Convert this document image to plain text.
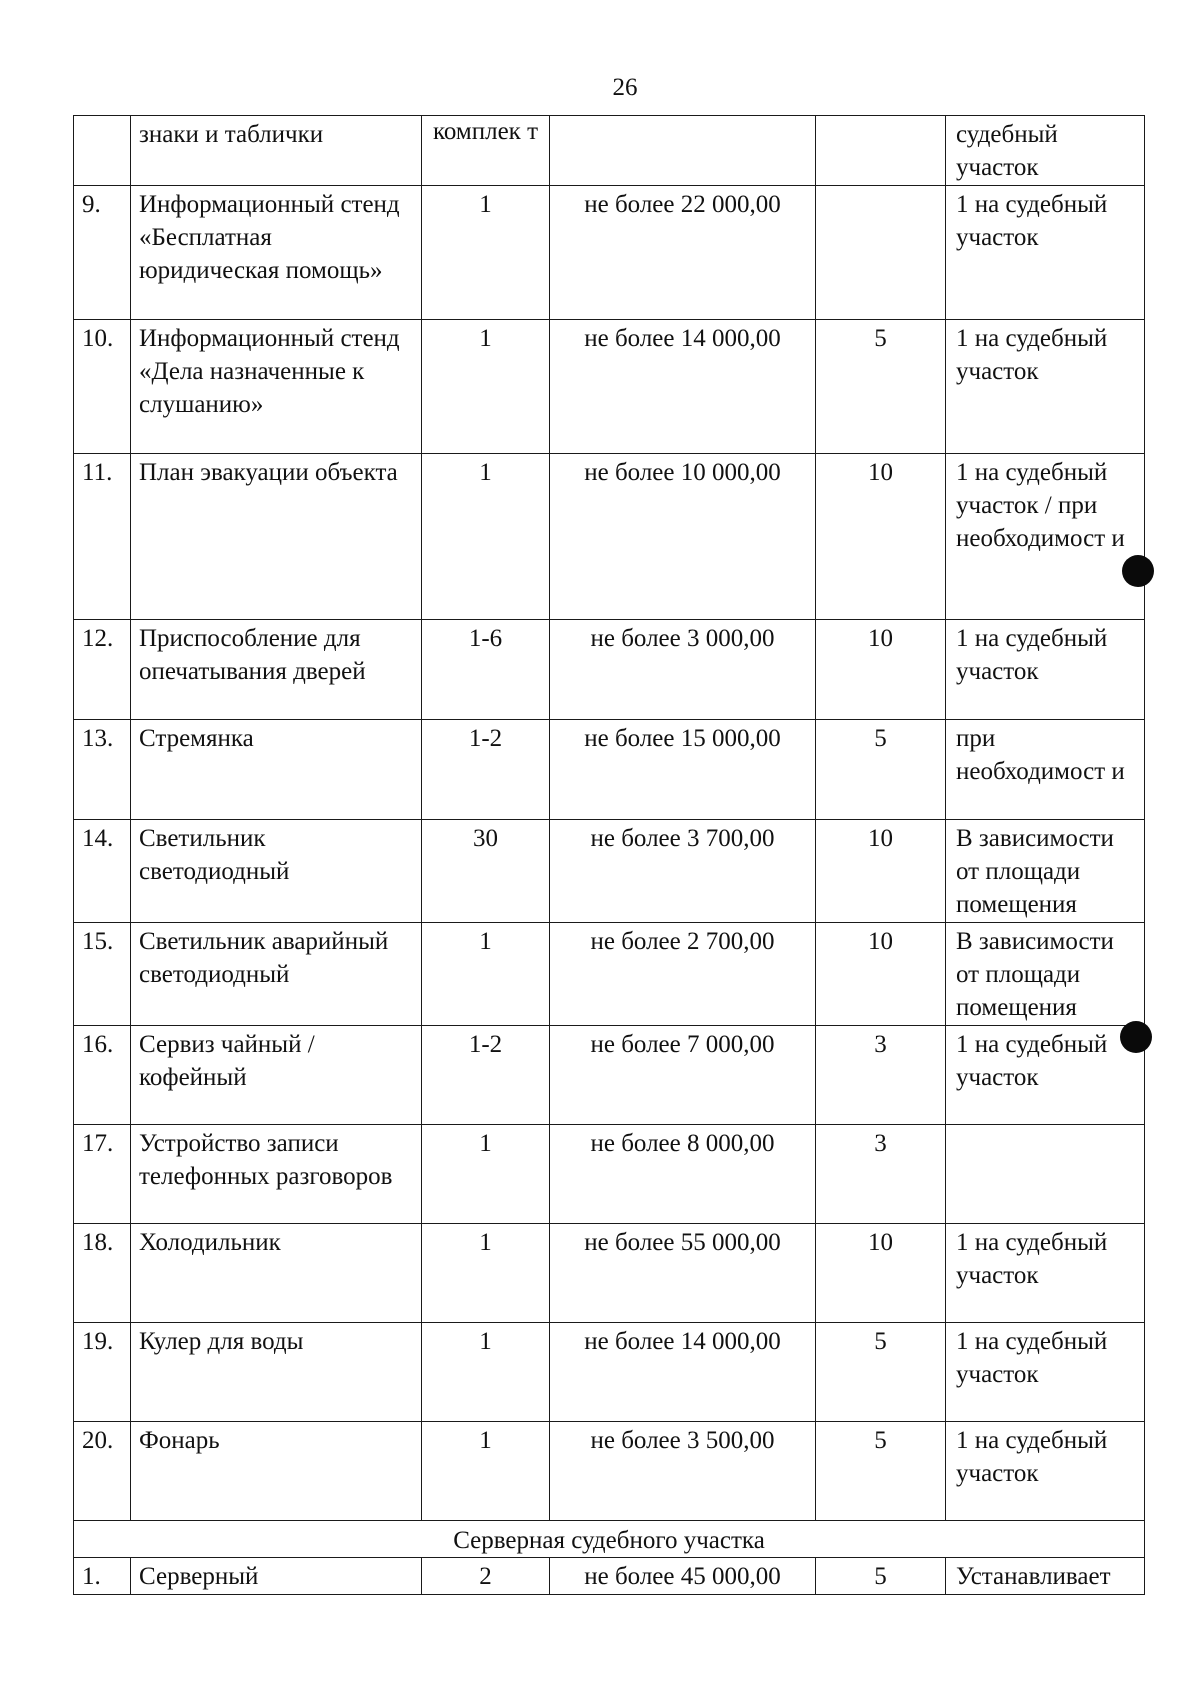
26
	знаки и таблички	комплек т			судебный участок
9.	Информационный стенд «Бесплатная юридическая помощь»	1	не более 22 000,00		1 на судебный участок
10.	Информационный стенд «Дела назначенные к слушанию»	1	не более 14 000,00	5	1 на судебный участок
11.	План эвакуации объекта	1	не более 10 000,00	10	1 на судебный участок / при необходимост и
12.	Приспособление для опечатывания дверей	1-6	не более 3 000,00	10	1 на судебный участок
13.	Стремянка	1-2	не более 15 000,00	5	при необходимост и
14.	Светильник светодиодный	30	не более 3 700,00	10	В зависимости от площади помещения
15.	Светильник аварийный светодиодный	1	не более 2 700,00	10	В зависимости от площади помещения
16.	Сервиз чайный / кофейный	1-2	не более 7 000,00	3	1 на судебный участок
17.	Устройство записи телефонных разговоров	1	не более 8 000,00	3	
18.	Холодильник	1	не более 55 000,00	10	1 на судебный участок
19.	Кулер для воды	1	не более 14 000,00	5	1 на судебный участок
20.	Фонарь	1	не более 3 500,00	5	1 на судебный участок
Серверная судебного участка					
1.	Серверный	2	не более 45 000,00	5	Устанавливает
